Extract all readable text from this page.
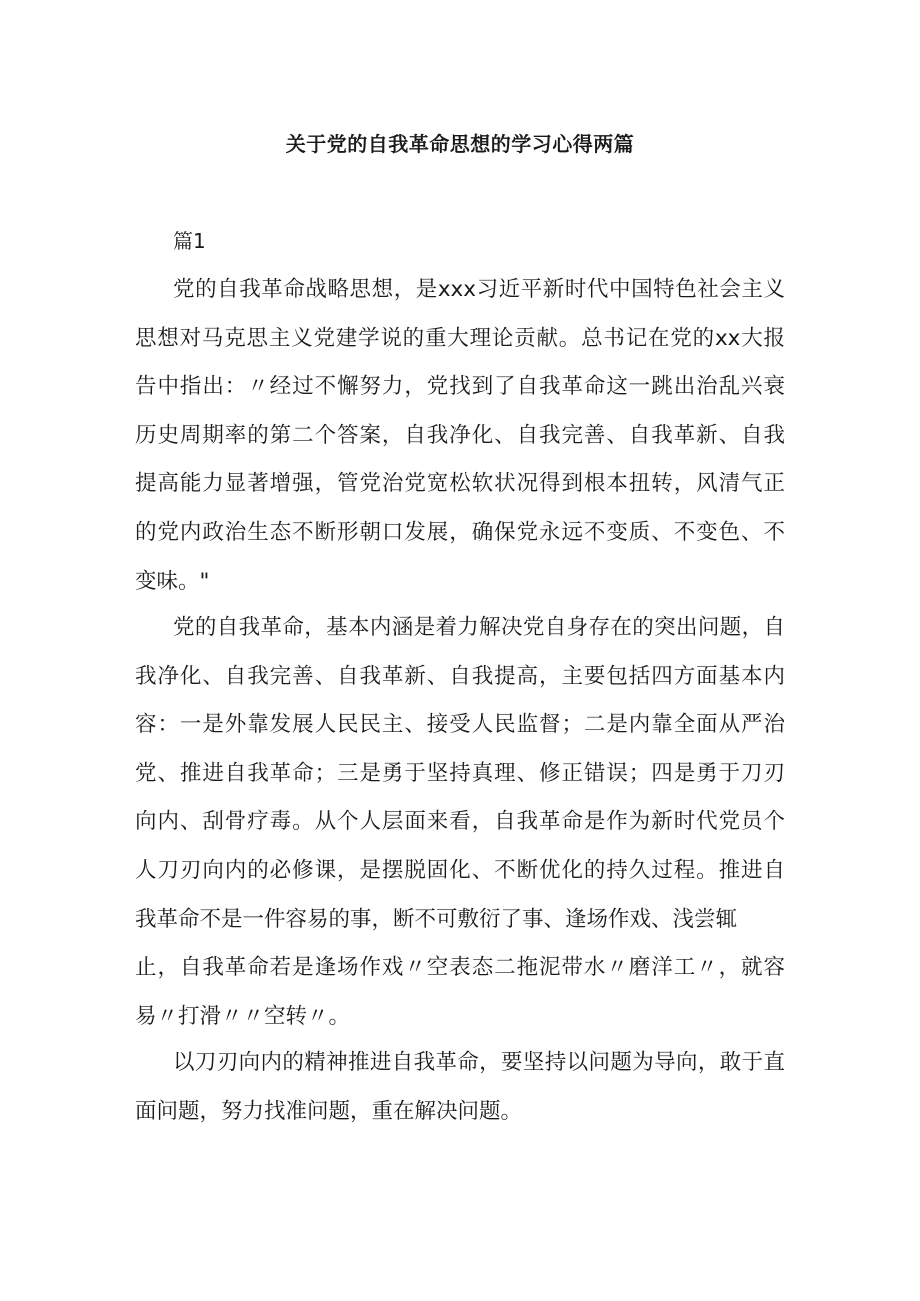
关于党的自我革命思想的学习心得两篇
篇1
党的自我革命战略思想，是xxx习近平新时代中国特色社会主义
思想对马克思主义党建学说的重大理论贡献。总书记在党的xx大报
告中指出：〃经过不懈努力，党找到了自我革命这一跳出治乱兴衰
历史周期率的第二个答案，自我净化、自我完善、自我革新、自我
提高能力显著增强，管党治党宽松软状况得到根本扭转，风清气正
的党内政治生态不断形朝口发展，确保党永远不变质、不变色、不
变味。"
党的自我革命，基本内涵是着力解决党自身存在的突出问题，自
我净化、自我完善、自我革新、自我提高，主要包括四方面基本内
容：一是外靠发展人民民主、接受人民监督；二是内靠全面从严治
党、推进自我革命；三是勇于坚持真理、修正错误；四是勇于刀刃
向内、刮骨疗毒。从个人层面来看，自我革命是作为新时代党员个
人刀刃向内的必修课，是摆脱固化、不断优化的持久过程。推进自
我革命不是一件容易的事，断不可敷衍了事、逢场作戏、浅尝辄
止，自我革命若是逢场作戏〃空表态二拖泥带水〃磨洋工〃，就容
易〃打滑〃〃空转〃。
以刀刃向内的精神推进自我革命，要坚持以问题为导向，敢于直
面问题，努力找准问题，重在解决问题。
